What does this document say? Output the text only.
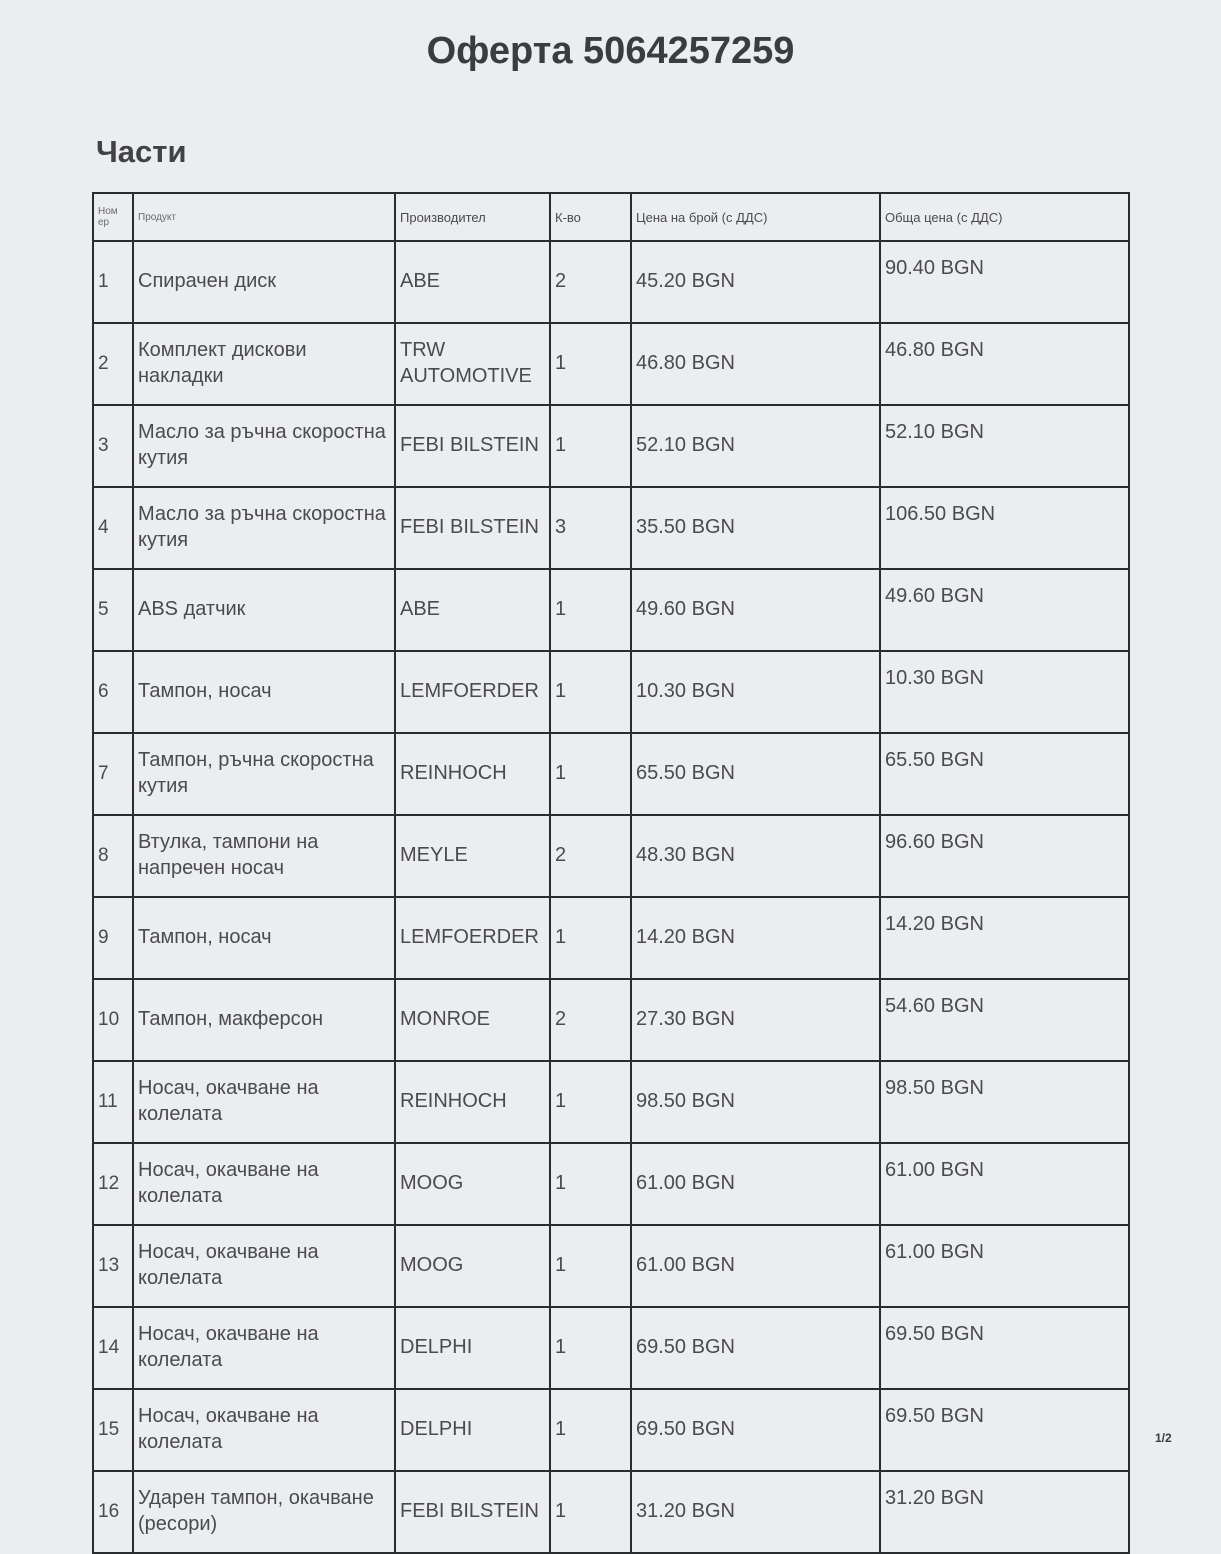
Оферта 5064257259
Части
Ном ер	Продукт	Производител	К-во	Цена на брой (с ДДС)	Обща цена (с ДДС)
1	Спирачен диск	ABE	2	45.20 BGN	90.40 BGN
2	Комплект дискови накладки	TRW AUTOMOTIVE	1	46.80 BGN	46.80 BGN
3	Масло за ръчна скоростна кутия	FEBI BILSTEIN	1	52.10 BGN	52.10 BGN
4	Масло за ръчна скоростна кутия	FEBI BILSTEIN	3	35.50 BGN	106.50 BGN
5	ABS датчик	ABE	1	49.60 BGN	49.60 BGN
6	Тампон, носач	LEMFOERDER	1	10.30 BGN	10.30 BGN
7	Тампон, ръчна скоростна кутия	REINHOCH	1	65.50 BGN	65.50 BGN
8	Втулка, тампони на напречен носач	MEYLE	2	48.30 BGN	96.60 BGN
9	Тампон, носач	LEMFOERDER	1	14.20 BGN	14.20 BGN
10	Тампон, макферсон	MONROE	2	27.30 BGN	54.60 BGN
11	Носач, окачване на колелата	REINHOCH	1	98.50 BGN	98.50 BGN
12	Носач, окачване на колелата	MOOG	1	61.00 BGN	61.00 BGN
13	Носач, окачване на колелата	MOOG	1	61.00 BGN	61.00 BGN
14	Носач, окачване на колелата	DELPHI	1	69.50 BGN	69.50 BGN
15	Носач, окачване на колелата	DELPHI	1	69.50 BGN	69.50 BGN
16	Ударен тампон, окачване (ресори)	FEBI BILSTEIN	1	31.20 BGN	31.20 BGN
1/2
